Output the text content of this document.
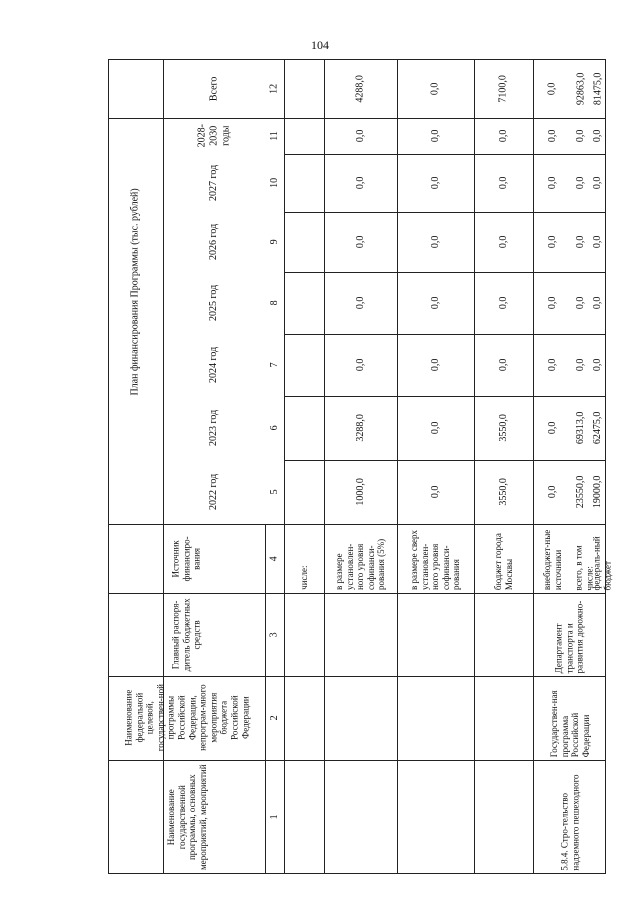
104
План финансирования Программы (тыс. рублей)
Наименование государственной программы, основных мероприятий, мероприятий
Наименование федеральной целевой, государствен-ной программы Российской Федерации, непрограм-много мероприятия бюджета Российской Федерации
Главный распоря-дитель бюджетных средств
Источник финансиро-вания
2022 год
2023 год
2024 год
2025 год
2026 год
2027 год
2028-2030 годы
Всего
1
2
3
4
5
6
7
8
9
10
11
12
числе:	в размере установлен-ного уровня софинанси-рования (5%)
1000,0
3288,0
0,0
0,0
0,0
0,0
0,0
4288,0
в размере сверх установлен-ного уровня софинанси-рования
0,0
0,0
0,0
0,0
0,0
0,0
0,0
0,0
бюджет города Москвы
3550,0
3550,0
0,0
0,0
0,0
0,0
0,0
7100,0
внебюджет-ные источники
0,0
0,0
0,0
0,0
0,0
0,0
0,0
0,0
всего, в том числе:
23550,0
69313,0
0,0
0,0
0,0
0,0
0,0
92863,0
федераль-ный бюджет
19000,0
62475,0
0,0
0,0
0,0
0,0
0,0
81475,0
5.8.4. Стро-тельство надземного пешеходного
Государствен-ная программа Российской Федерации
Департамент транспорта и развития дорожно-
